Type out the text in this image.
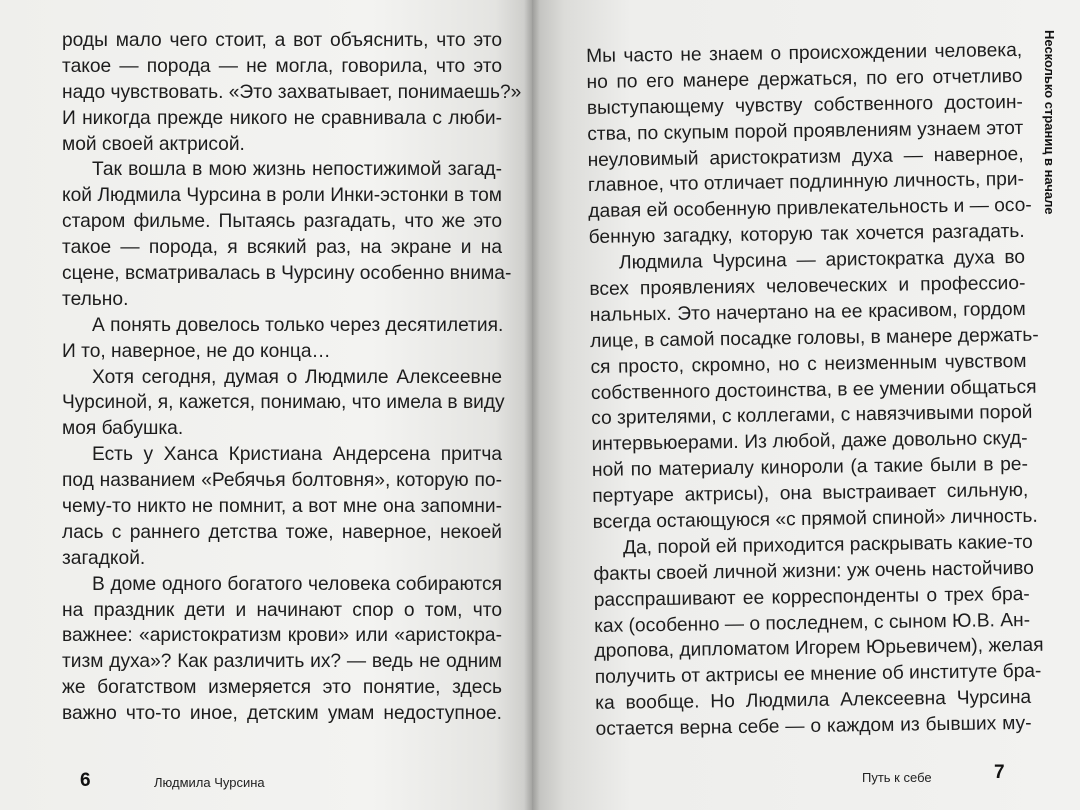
роды мало чего стоит, а вот объяснить, что это
такое — порода — не могла, говорила, что это
надо чувствовать. «Это захватывает, понимаешь?»
И никогда прежде никого не сравнивала с люби-
мой своей актрисой.
Так вошла в мою жизнь непостижимой загад-
кой Людмила Чурсина в роли Инки-эстонки в том
старом фильме. Пытаясь разгадать, что же это
такое — порода, я всякий раз, на экране и на
сцене, всматривалась в Чурсину особенно внима-
тельно.
А понять довелось только через десятилетия.
И то, наверное, не до конца…
Хотя сегодня, думая о Людмиле Алексеевне
Чурсиной, я, кажется, понимаю, что имела в виду
моя бабушка.
Есть у Ханса Кристиана Андерсена притча
под названием «Ребячья болтовня», которую по-
чему-то никто не помнит, а вот мне она запомни-
лась с раннего детства тоже, наверное, некоей
загадкой.
В доме одного богатого человека собираются
на праздник дети и начинают спор о том, что
важнее: «аристократизм крови» или «аристокра-
тизм духа»? Как различить их? — ведь не одним
же богатством измеряется это понятие, здесь
важно что-то иное, детским умам недоступное.
6	Людмила Чурсина
Мы часто не знаем о происхождении человека,
но по его манере держаться, по его отчетливо
выступающему чувству собственного достоин-
ства, по скупым порой проявлениям узнаем этот
неуловимый аристократизм духа — наверное,
главное, что отличает подлинную личность, при-
давая ей особенную привлекательность и — осо-
бенную загадку, которую так хочется разгадать.
Людмила Чурсина — аристократка духа во
всех проявлениях человеческих и профессио-
нальных. Это начертано на ее красивом, гордом
лице, в самой посадке головы, в манере держать-
ся просто, скромно, но с неизменным чувством
собственного достоинства, в ее умении общаться
со зрителями, с коллегами, с навязчивыми порой
интервьюерами. Из любой, даже довольно скуд-
ной по материалу кинороли (а такие были в ре-
пертуаре актрисы), она выстраивает сильную,
всегда остающуюся «с прямой спиной» личность.
Да, порой ей приходится раскрывать какие-то
факты своей личной жизни: уж очень настойчиво
расспрашивают ее корреспонденты о трех бра-
ках (особенно — о последнем, с сыном Ю.В. Ан-
дропова, дипломатом Игорем Юрьевичем), желая
получить от актрисы ее мнение об институте бра-
ка вообще. Но Людмила Алексеевна Чурсина
остается верна себе — о каждом из бывших му-
Несколько страниц в начале
Путь к себе	7
